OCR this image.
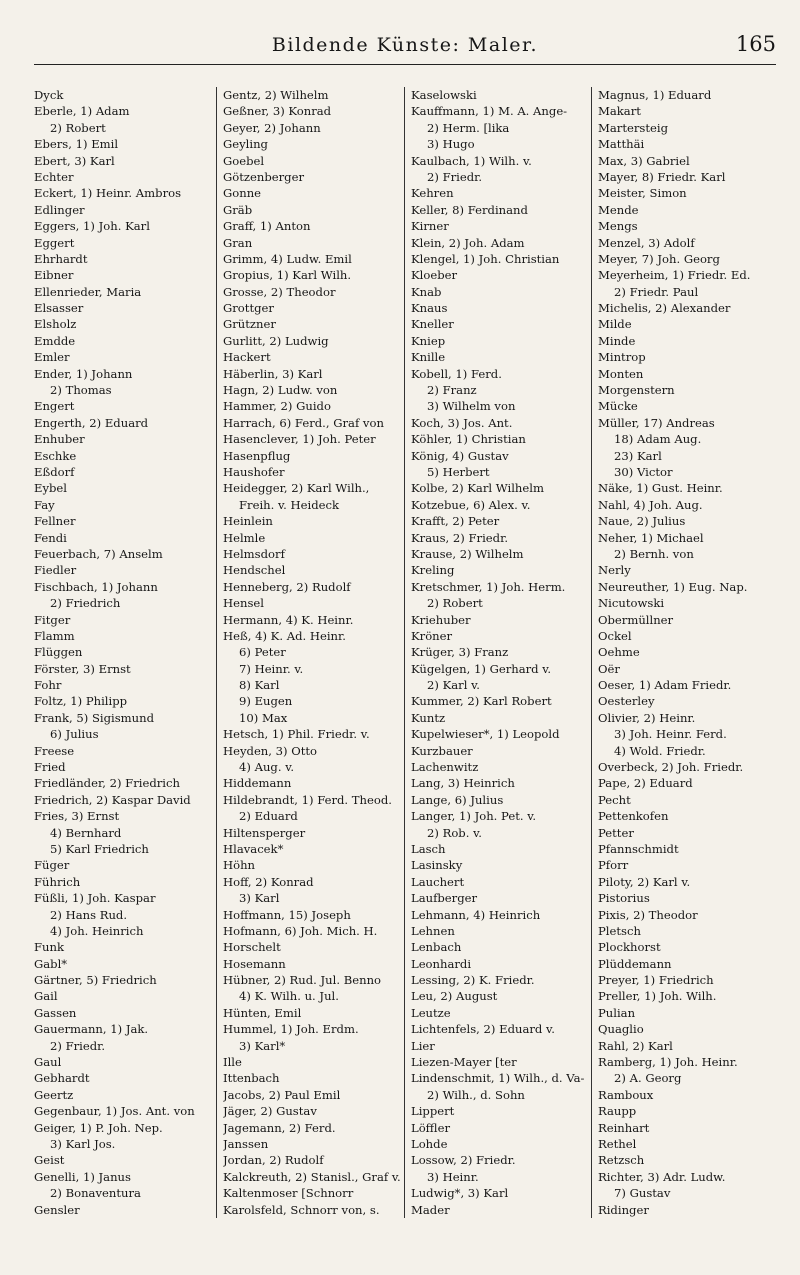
Bildende Künste: Maler.	165
Dyck
Eberle, 1) Adam
2) Robert
Ebers, 1) Emil
Ebert, 3) Karl
Echter
Eckert, 1) Heinr. Ambros
Edlinger
Eggers, 1) Joh. Karl
Eggert
Ehrhardt
Eibner
Ellenrieder, Maria
Elsasser
Elsholz
Emdde
Emler
Ender, 1) Johann
2) Thomas
Engert
Engerth, 2) Eduard
Enhuber
Eschke
Eßdorf
Eybel
Fay
Fellner
Fendi
Feuerbach, 7) Anselm
Fiedler
Fischbach, 1) Johann
2) Friedrich
Fitger
Flamm
Flüggen
Förster, 3) Ernst
Fohr
Foltz, 1) Philipp
Frank, 5) Sigismund
6) Julius
Freese
Fried
Friedländer, 2) Friedrich
Friedrich, 2) Kaspar David
Fries, 3) Ernst
4) Bernhard
5) Karl Friedrich
Füger
Führich
Füßli, 1) Joh. Kaspar
2) Hans Rud.
4) Joh. Heinrich
Funk
Gabl*
Gärtner, 5) Friedrich
Gail
Gassen
Gauermann, 1) Jak.
2) Friedr.
Gaul
Gebhardt
Geertz
Gegenbaur, 1) Jos. Ant. von
Geiger, 1) P. Joh. Nep.
3) Karl Jos.
Geist
Genelli, 1) Janus
2) Bonaventura
Gensler
Gentz, 2) Wilhelm
Geßner, 3) Konrad
Geyer, 2) Johann
Geyling
Goebel
Götzenberger
Gonne
Gräb
Graff, 1) Anton
Gran
Grimm, 4) Ludw. Emil
Gropius, 1) Karl Wilh.
Grosse, 2) Theodor
Grottger
Grützner
Gurlitt, 2) Ludwig
Hackert
Häberlin, 3) Karl
Hagn, 2) Ludw. von
Hammer, 2) Guido
Harrach, 6) Ferd., Graf von
Hasenclever, 1) Joh. Peter
Hasenpflug
Haushofer
Heidegger, 2) Karl Wilh.,
Freih. v. Heideck
Heinlein
Helmle
Helmsdorf
Hendschel
Henneberg, 2) Rudolf
Hensel
Hermann, 4) K. Heinr.
Heß, 4) K. Ad. Heinr.
6) Peter
7) Heinr. v.
8) Karl
9) Eugen
10) Max
Hetsch, 1) Phil. Friedr. v.
Heyden, 3) Otto
4) Aug. v.
Hiddemann
Hildebrandt, 1) Ferd. Theod.
2) Eduard
Hiltensperger
Hlavacek*
Höhn
Hoff, 2) Konrad
3) Karl
Hoffmann, 15) Joseph
Hofmann, 6) Joh. Mich. H.
Horschelt
Hosemann
Hübner, 2) Rud. Jul. Benno
4) K. Wilh. u. Jul.
Hünten, Emil
Hummel, 1) Joh. Erdm.
3) Karl*
Ille
Ittenbach
Jacobs, 2) Paul Emil
Jäger, 2) Gustav
Jagemann, 2) Ferd.
Janssen
Jordan, 2) Rudolf
Kalckreuth, 2) Stanisl., Graf v.
Kaltenmoser [Schnorr
Karolsfeld, Schnorr von, s.
Kaselowski
Kauffmann, 1) M. A. Ange-
2) Herm. [lika
3) Hugo
Kaulbach, 1) Wilh. v.
2) Friedr.
Kehren
Keller, 8) Ferdinand
Kirner
Klein, 2) Joh. Adam
Klengel, 1) Joh. Christian
Kloeber
Knab
Knaus
Kneller
Kniep
Knille
Kobell, 1) Ferd.
2) Franz
3) Wilhelm von
Koch, 3) Jos. Ant.
Köhler, 1) Christian
König, 4) Gustav
5) Herbert
Kolbe, 2) Karl Wilhelm
Kotzebue, 6) Alex. v.
Krafft, 2) Peter
Kraus, 2) Friedr.
Krause, 2) Wilhelm
Kreling
Kretschmer, 1) Joh. Herm.
2) Robert
Kriehuber
Kröner
Krüger, 3) Franz
Kügelgen, 1) Gerhard v.
2) Karl v.
Kummer, 2) Karl Robert
Kuntz
Kupelwieser*, 1) Leopold
Kurzbauer
Lachenwitz
Lang, 3) Heinrich
Lange, 6) Julius
Langer, 1) Joh. Pet. v.
2) Rob. v.
Lasch
Lasinsky
Lauchert
Laufberger
Lehmann, 4) Heinrich
Lehnen
Lenbach
Leonhardi
Lessing, 2) K. Friedr.
Leu, 2) August
Leutze
Lichtenfels, 2) Eduard v.
Lier
Liezen-Mayer [ter
Lindenschmit, 1) Wilh., d. Va-
2) Wilh., d. Sohn
Lippert
Löffler
Lohde
Lossow, 2) Friedr.
3) Heinr.
Ludwig*, 3) Karl
Mader
Magnus, 1) Eduard
Makart
Martersteig
Matthäi
Max, 3) Gabriel
Mayer, 8) Friedr. Karl
Meister, Simon
Mende
Mengs
Menzel, 3) Adolf
Meyer, 7) Joh. Georg
Meyerheim, 1) Friedr. Ed.
2) Friedr. Paul
Michelis, 2) Alexander
Milde
Minde
Mintrop
Monten
Morgenstern
Mücke
Müller, 17) Andreas
18) Adam Aug.
23) Karl
30) Victor
Näke, 1) Gust. Heinr.
Nahl, 4) Joh. Aug.
Naue, 2) Julius
Neher, 1) Michael
2) Bernh. von
Nerly
Neureuther, 1) Eug. Nap.
Nicutowski
Obermüllner
Ockel
Oehme
Oër
Oeser, 1) Adam Friedr.
Oesterley
Olivier, 2) Heinr.
3) Joh. Heinr. Ferd.
4) Wold. Friedr.
Overbeck, 2) Joh. Friedr.
Pape, 2) Eduard
Pecht
Pettenkofen
Petter
Pfannschmidt
Pforr
Piloty, 2) Karl v.
Pistorius
Pixis, 2) Theodor
Pletsch
Plockhorst
Plüddemann
Preyer, 1) Friedrich
Preller, 1) Joh. Wilh.
Pulian
Quaglio
Rahl, 2) Karl
Ramberg, 1) Joh. Heinr.
2) A. Georg
Ramboux
Raupp
Reinhart
Rethel
Retzsch
Richter, 3) Adr. Ludw.
7) Gustav
Ridinger
